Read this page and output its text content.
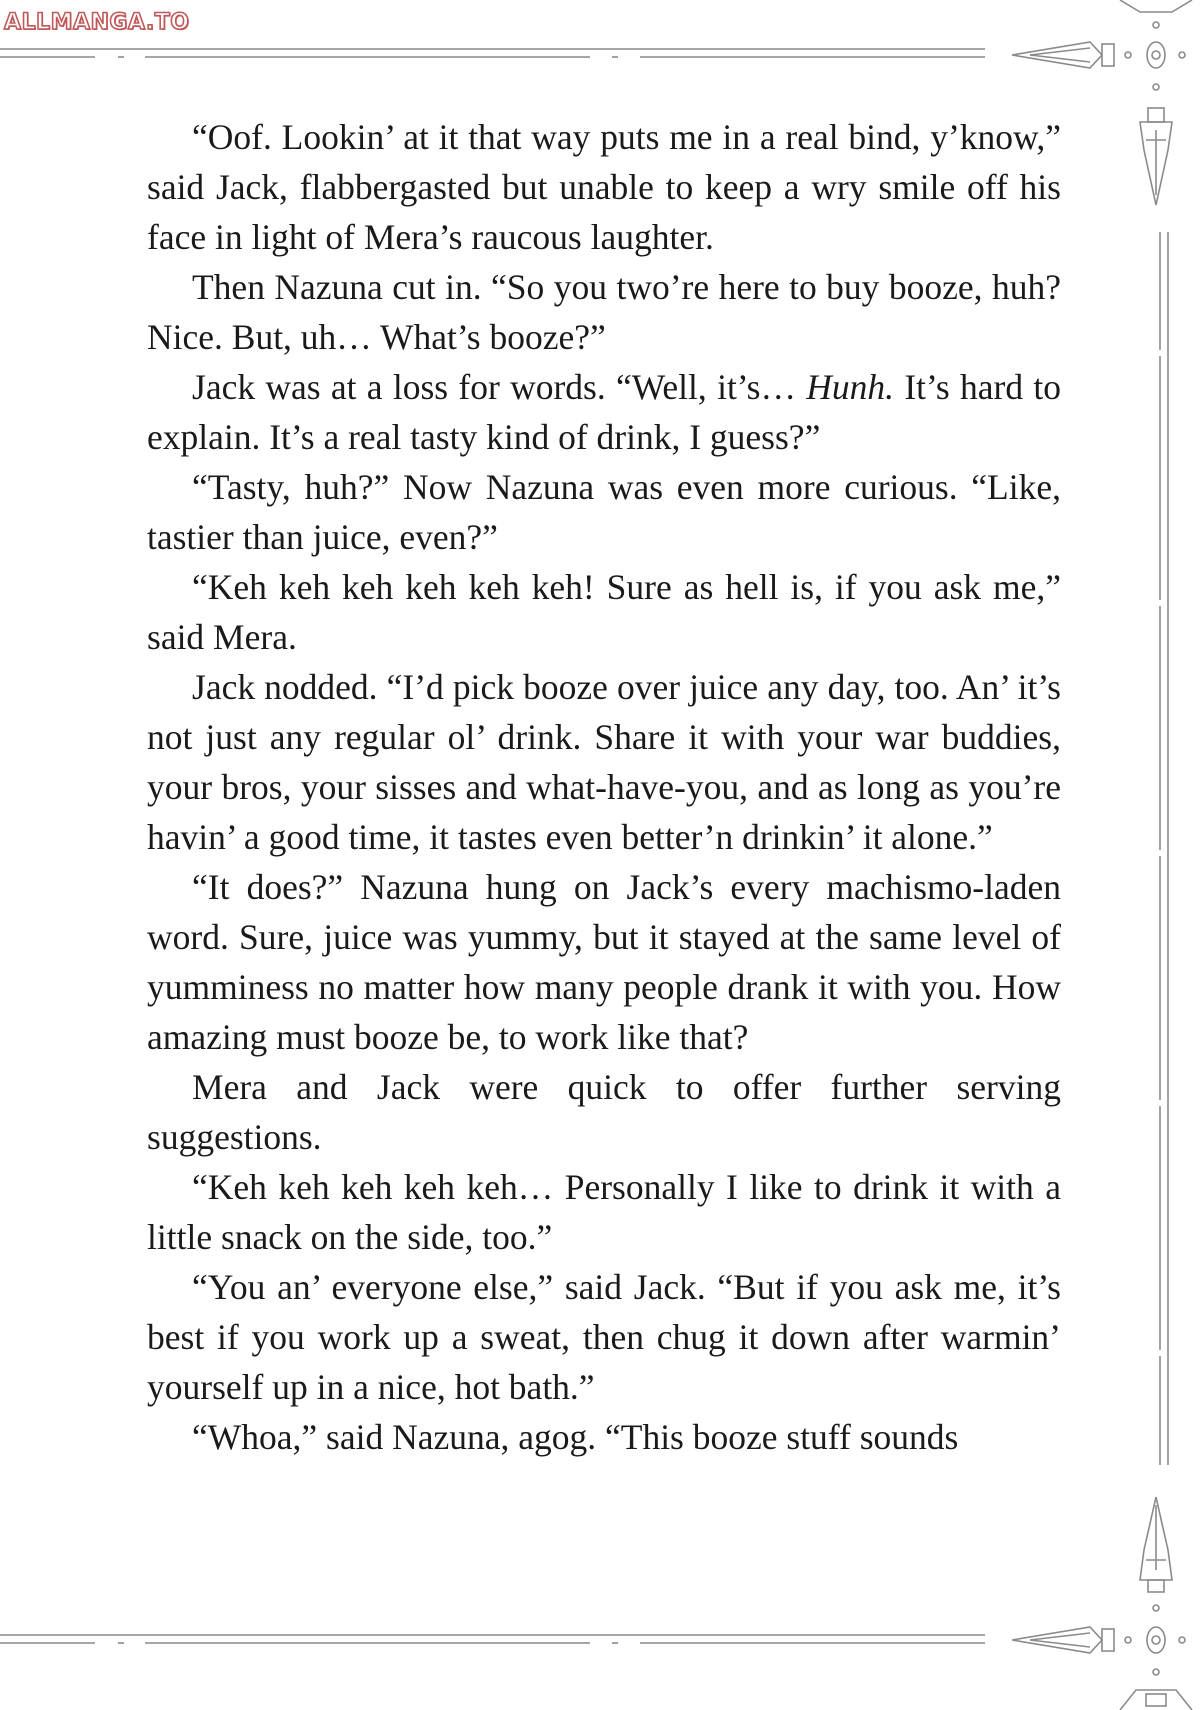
ALLMANGA.TO

“Oof. Lookin’ at it that way puts me in a real bind, y’know,” said Jack, flabbergasted but unable to keep a wry smile off his face in light of Mera’s raucous laughter.

Then Nazuna cut in. “So you two’re here to buy booze, huh? Nice. But, uh… What’s booze?”

Jack was at a loss for words. “Well, it’s… Hunh. It’s hard to explain. It’s a real tasty kind of drink, I guess?”

“Tasty, huh?” Now Nazuna was even more curious. “Like, tastier than juice, even?”

“Keh keh keh keh keh keh! Sure as hell is, if you ask me,” said Mera.

Jack nodded. “I’d pick booze over juice any day, too. An’ it’s not just any regular ol’ drink. Share it with your war buddies, your bros, your sisses and what-have-you, and as long as you’re havin’ a good time, it tastes even better’n drinkin’ it alone.”

“It does?” Nazuna hung on Jack’s every machismo-laden word. Sure, juice was yummy, but it stayed at the same level of yumminess no matter how many people drank it with you. How amazing must booze be, to work like that?

Mera and Jack were quick to offer further serving suggestions.

“Keh keh keh keh keh… Personally I like to drink it with a little snack on the side, too.”

“You an’ everyone else,” said Jack. “But if you ask me, it’s best if you work up a sweat, then chug it down after warmin’ yourself up in a nice, hot bath.”

“Whoa,” said Nazuna, agog. “This booze stuff sounds
